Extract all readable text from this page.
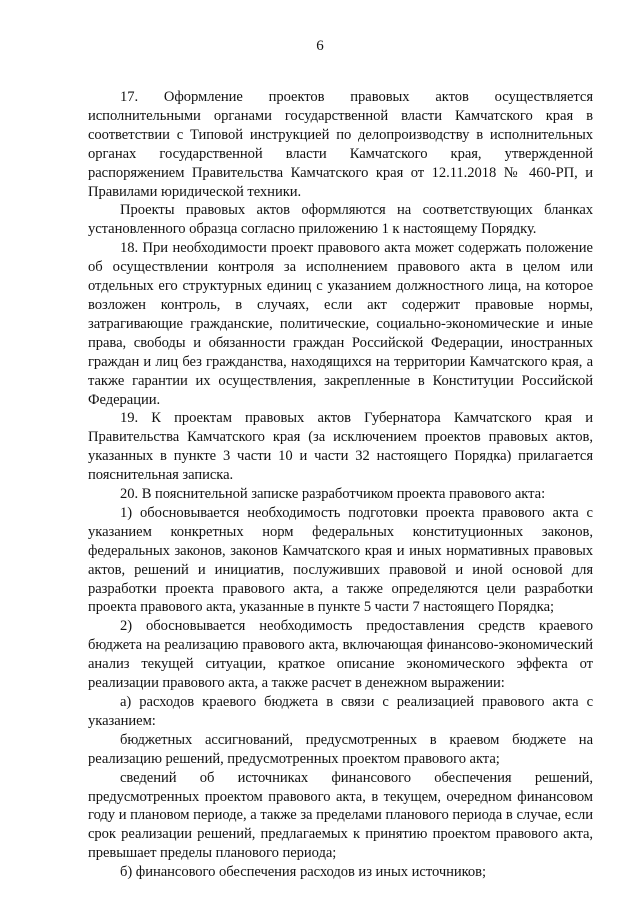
6

17. Оформление проектов правовых актов осуществляется исполнительными органами государственной власти Камчатского края в соответствии с Типовой инструкцией по делопроизводству в исполнительных органах государственной власти Камчатского края, утвержденной распоряжением Правительства Камчатского края от 12.11.2018 № 460-РП, и Правилами юридической техники.

Проекты правовых актов оформляются на соответствующих бланках установленного образца согласно приложению 1 к настоящему Порядку.

18. При необходимости проект правового акта может содержать положение об осуществлении контроля за исполнением правового акта в целом или отдельных его структурных единиц с указанием должностного лица, на которое возложен контроль, в случаях, если акт содержит правовые нормы, затрагивающие гражданские, политические, социально-экономические и иные права, свободы и обязанности граждан Российской Федерации, иностранных граждан и лиц без гражданства, находящихся на территории Камчатского края, а также гарантии их осуществления, закрепленные в Конституции Российской Федерации.

19. К проектам правовых актов Губернатора Камчатского края и Правительства Камчатского края (за исключением проектов правовых актов, указанных в пункте 3 части 10 и части 32 настоящего Порядка) прилагается пояснительная записка.

20. В пояснительной записке разработчиком проекта правового акта:

1) обосновывается необходимость подготовки проекта правового акта с указанием конкретных норм федеральных конституционных законов, федеральных законов, законов Камчатского края и иных нормативных правовых актов, решений и инициатив, послуживших правовой и иной основой для разработки проекта правового акта, а также определяются цели разработки проекта правового акта, указанные в пункте 5 части 7 настоящего Порядка;

2) обосновывается необходимость предоставления средств краевого бюджета на реализацию правового акта, включающая финансово-экономический анализ текущей ситуации, краткое описание экономического эффекта от реализации правового акта, а также расчет в денежном выражении:

а) расходов краевого бюджета в связи с реализацией правового акта с указанием:

бюджетных ассигнований, предусмотренных в краевом бюджете на реализацию решений, предусмотренных проектом правового акта;

сведений об источниках финансового обеспечения решений, предусмотренных проектом правового акта, в текущем, очередном финансовом году и плановом периоде, а также за пределами планового периода в случае, если срок реализации решений, предлагаемых к принятию проектом правового акта, превышает пределы планового периода;

б) финансового обеспечения расходов из иных источников;
